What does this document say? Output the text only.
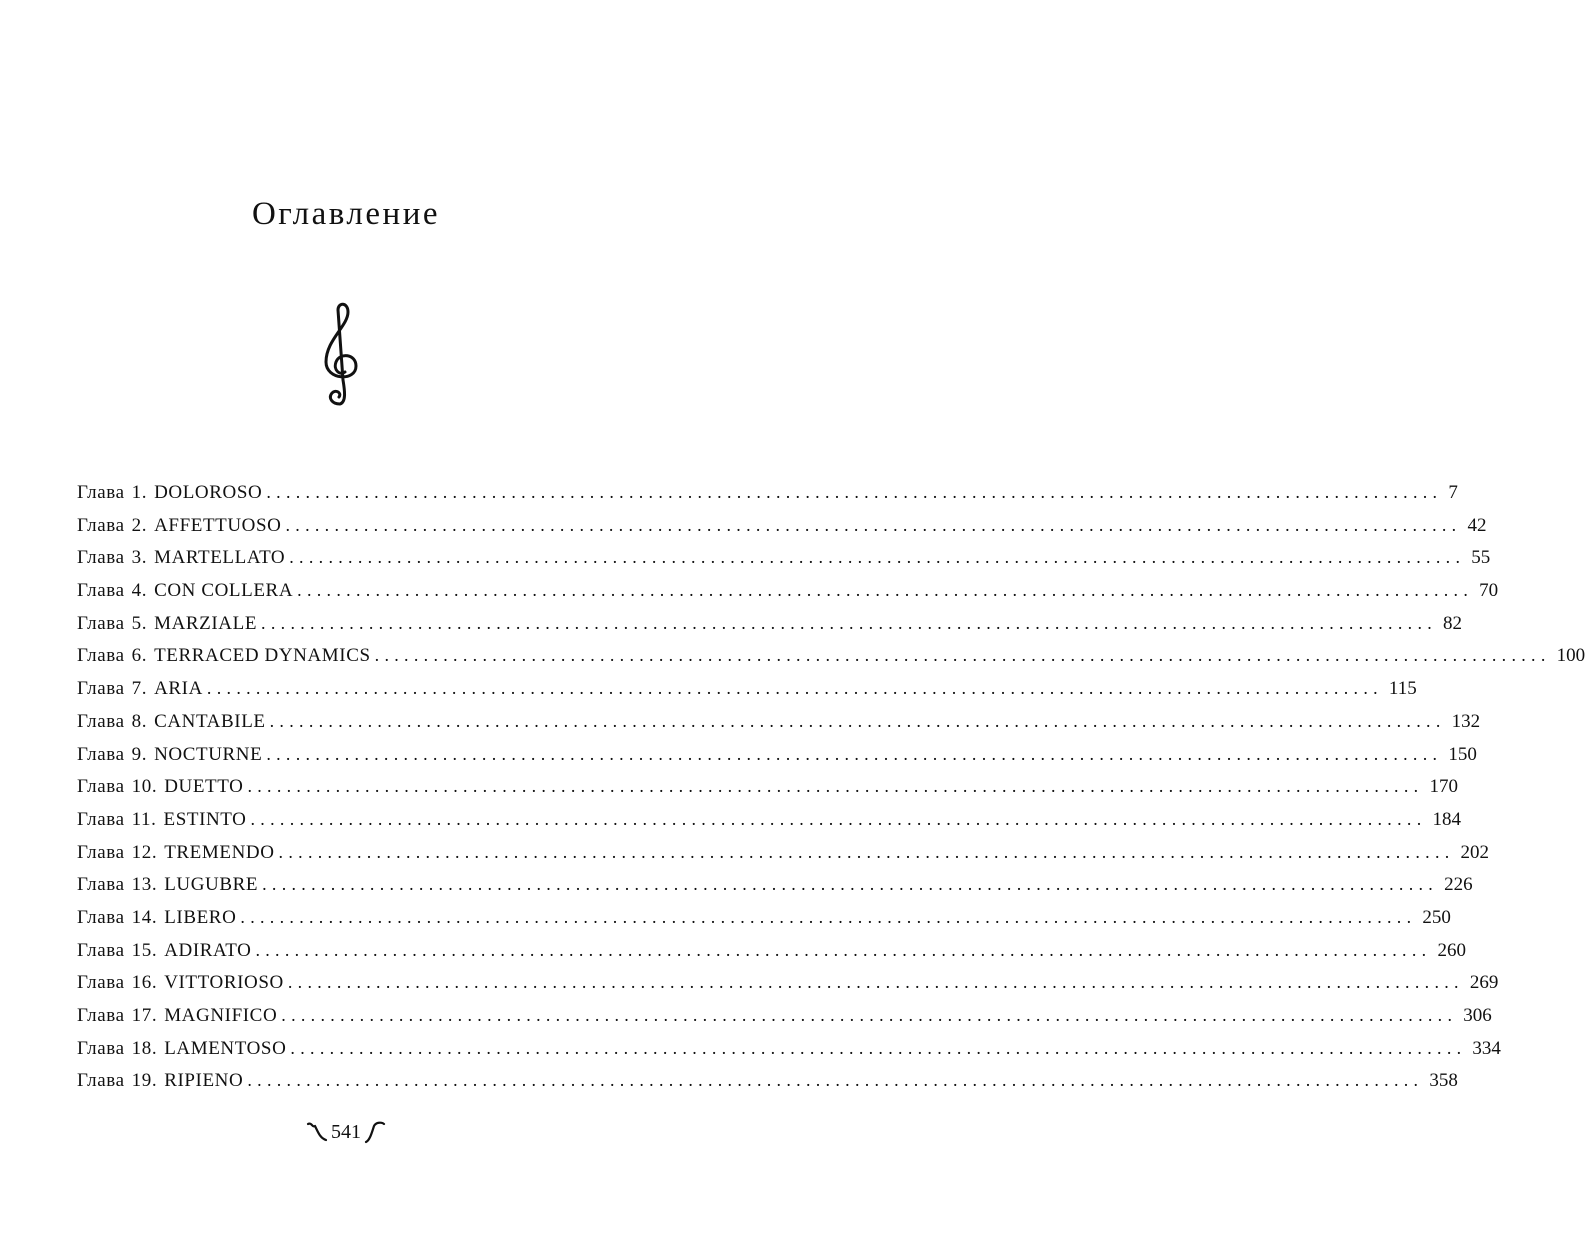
Оглавление
Глава 1. DOLOROSO ........................................................................................................................ 7
Глава 2. AFFETTUOSO ........................................................................................................................ 42
Глава 3. MARTELLATO ........................................................................................................................ 55
Глава 4. CON COLLERA ........................................................................................................................ 70
Глава 5. MARZIALE ........................................................................................................................ 82
Глава 6. TERRACED DYNAMICS ........................................................................................................................ 100
Глава 7. ARIA ........................................................................................................................ 115
Глава 8. CANTABILE ........................................................................................................................ 132
Глава 9. NOCTURNE ........................................................................................................................ 150
Глава 10. DUETTO ........................................................................................................................ 170
Глава 11. ESTINTO ........................................................................................................................ 184
Глава 12. TREMENDO ........................................................................................................................ 202
Глава 13. LUGUBRE ........................................................................................................................ 226
Глава 14. LIBERO ........................................................................................................................ 250
Глава 15. ADIRATO ........................................................................................................................ 260
Глава 16. VITTORIOSO ........................................................................................................................ 269
Глава 17. MAGNIFICO ........................................................................................................................ 306
Глава 18. LAMENTOSO ........................................................................................................................ 334
Глава 19. RIPIENO ........................................................................................................................ 358
541
